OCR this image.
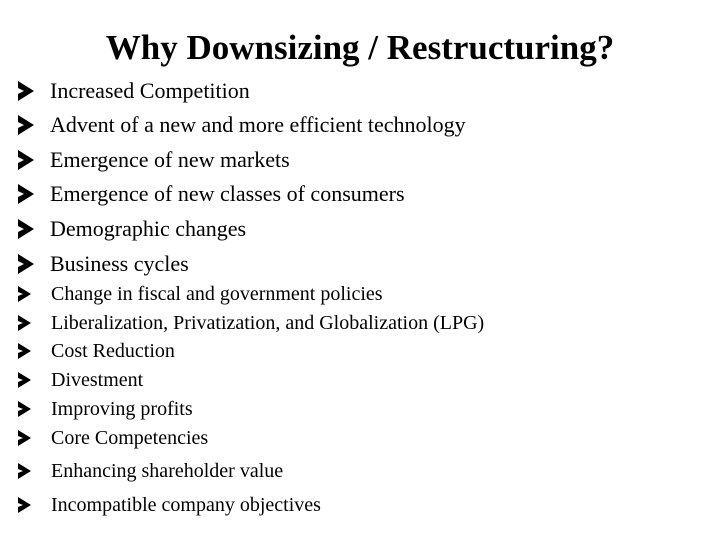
Why Downsizing / Restructuring?
Increased Competition
Advent of a new and more efficient technology
Emergence of new markets
Emergence of new classes of consumers
Demographic changes
Business cycles
Change in fiscal and government policies
Liberalization, Privatization, and Globalization (LPG)
Cost Reduction
Divestment
Improving profits
Core Competencies
Enhancing shareholder value
Incompatible company objectives
